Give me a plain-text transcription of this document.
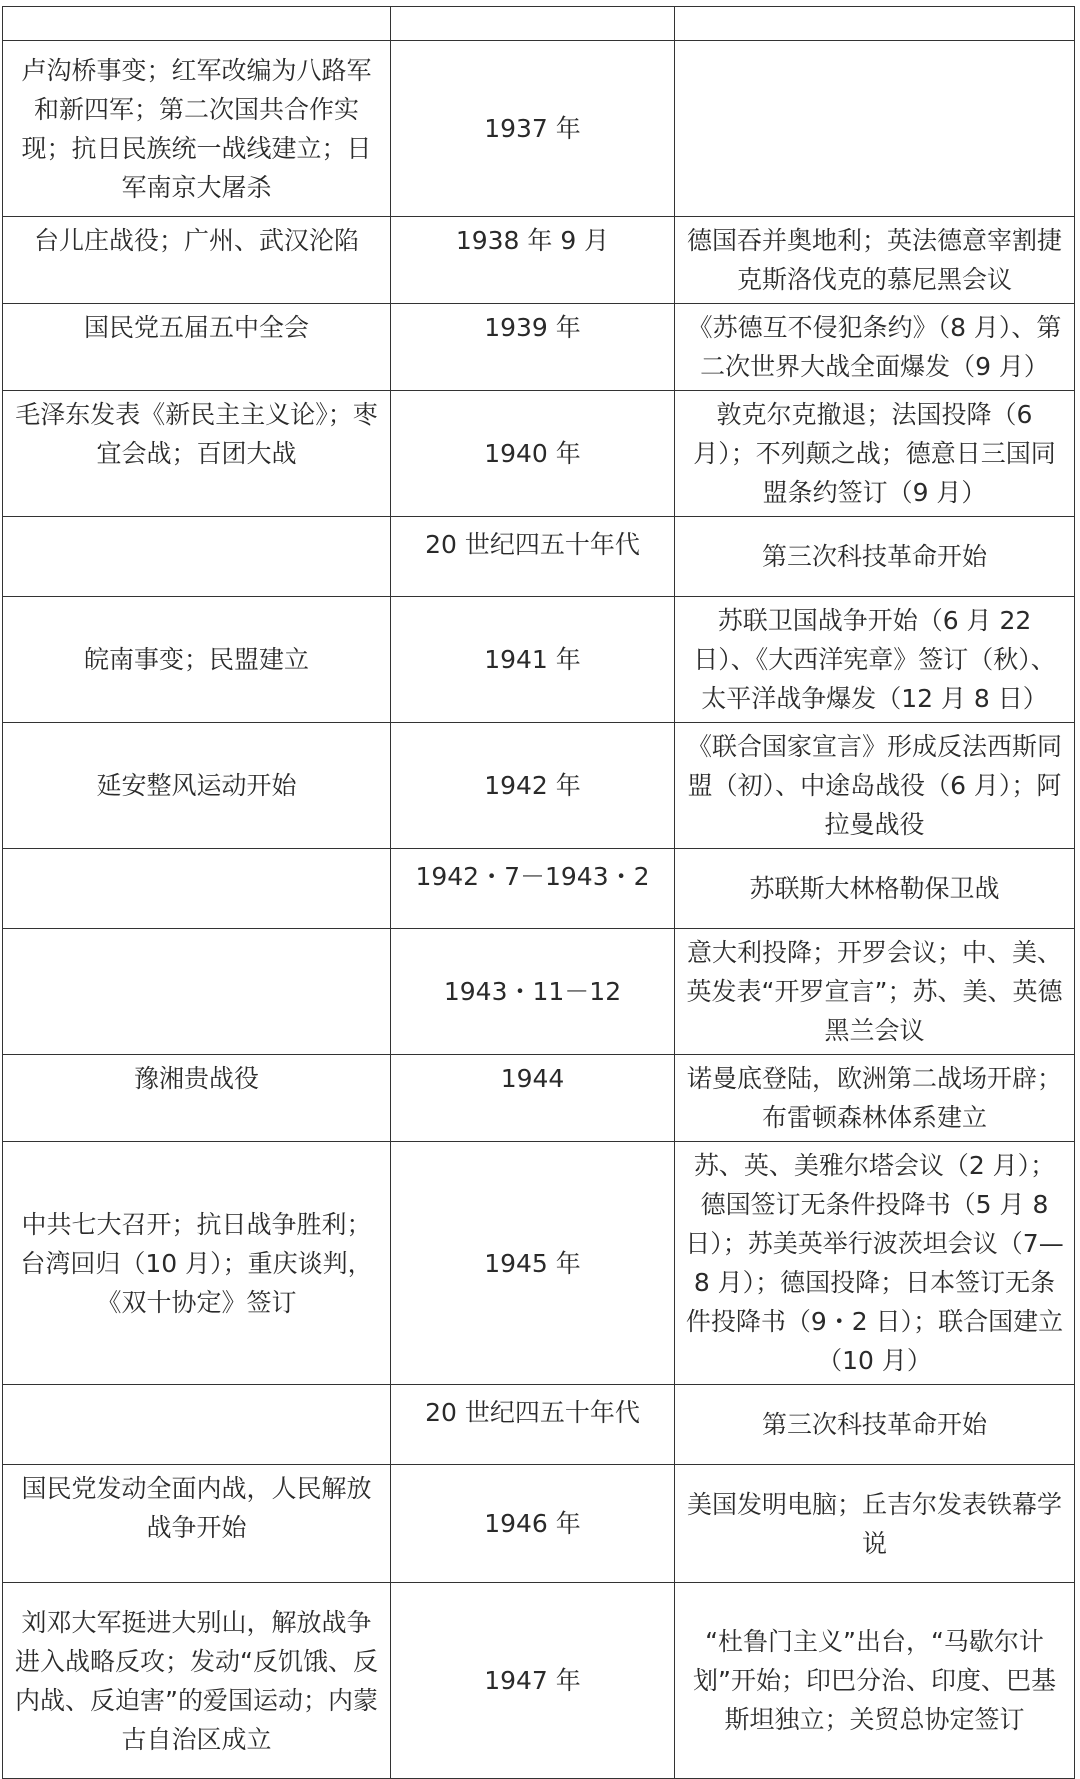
卢沟桥事变；红军改编为八路军和新四军；第二次国共合作实现；抗日民族统一战线建立；日军南京大屠杀	1937 年	
台儿庄战役；广州、武汉沦陷	1938 年 9 月	德国吞并奥地利；英法德意宰割捷克斯洛伐克的慕尼黑会议
国民党五届五中全会	1939 年	《苏德互不侵犯条约》（8 月）、第二次世界大战全面爆发（9 月）
毛泽东发表《新民主主义论》；枣宜会战；百团大战	1940 年	敦克尔克撤退；法国投降（6 月）；不列颠之战；德意日三国同盟条约签订（9 月）
	20 世纪四五十年代	第三次科技革命开始
皖南事变；民盟建立	1941 年	苏联卫国战争开始（6 月 22 日）、《大西洋宪章》签订（秋）、太平洋战争爆发（12 月 8 日）
延安整风运动开始	1942 年	《联合国家宣言》形成反法西斯同盟（初）、中途岛战役（6 月）；阿拉曼战役
	1942・7－1943・2	苏联斯大林格勒保卫战
	1943・11－12	意大利投降；开罗会议；中、美、英发表“开罗宣言”；苏、美、英德黑兰会议
豫湘贵战役	1944	诺曼底登陆，欧洲第二战场开辟；布雷顿森林体系建立
中共七大召开；抗日战争胜利；台湾回归（10 月）；重庆谈判，《双十协定》签订	1945 年	苏、英、美雅尔塔会议（2 月）；德国签订无条件投降书（5 月 8 日）；苏美英举行波茨坦会议（7—8 月）；德国投降；日本签订无条件投降书（9・2 日）；联合国建立（10 月）
	20 世纪四五十年代	第三次科技革命开始
国民党发动全面内战，人民解放战争开始	1946 年	美国发明电脑；丘吉尔发表铁幕学说
刘邓大军挺进大别山，解放战争进入战略反攻；发动“反饥饿、反内战、反迫害”的爱国运动；内蒙古自治区成立	1947 年	“杜鲁门主义”出台，“马歇尔计划”开始；印巴分治、印度、巴基斯坦独立；关贸总协定签订
